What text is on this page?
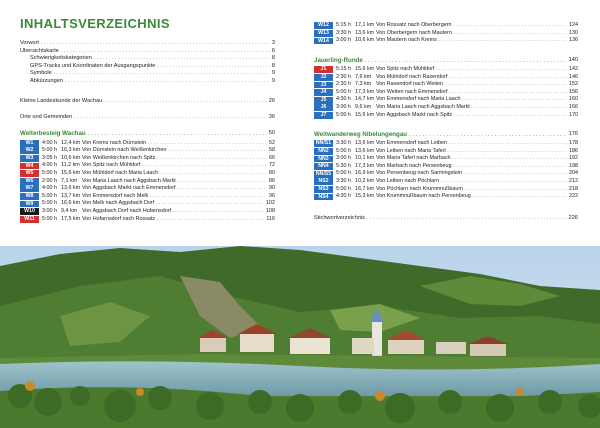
INHALTSVERZEICHNIS
Vorwort . . .	3
Übersichtskarte . . .	6
Schwierigkeitskategorien . . .	8
GPS-Tracks und Koordinaten der Ausgangspunkte . . .	8
Symbole . . .	9
Abkürzungen . . .	9
Kleine Landeskunde der Wachau . . .	26
Orte und Gemeinden . . .	36
Welterbesteig Wachau . . .	50
W1	4:00 h 12,4 km Von Krems nach Dürnstein . . .	52
W2	5:00 h 16,3 km Von Dürnstein nach Weißenkirchen . . .	58
W3	3:05 h 10,6 km Von Weißenkirchen nach Spitz . . .	66
W4	4:00 h 11,2 km Von Spitz nach Mühldorf . . .	72
W5	5:00 h 15,6 km Von Mühldorf nach Maria Laach . . .	80
W6	2:00 h 7,1 km Von Maria Laach nach Aggsbach Markt . . .	86
W7	4:00 h 13,6 km Von Aggsbach Markt nach Emmersdorf . . .	90
W8	5:00 h 13,7 km Von Emmersdorf nach Melk . . .	96
W9	5:00 h 16,6 km Von Melk nach Aggsbach Dorf . . .	102
W10	3:00 h 9,4 km Von Aggsbach Dorf nach Hofarnsdorf . . .	108
W11	5:00 h 17,5 km Von Hofarnsdorf nach Rossatz . . .	116
W12	5:15 h 17,1 km Von Rossatz nach Oberbergern . . .	124
W13	3:30 h 13,6 km Von Oberbergern nach Mautern . . .	130
W14	3:00 h 10,6 km Von Mautern nach Krems . . .	136
Jauerling-Runde . . .	140
J1	5:15 h 15,6 km Von Spitz nach Mühldorf . . .	142
J2	2:30 h 7,6 km Von Mühldorf nach Raxendorf . . .	146
J3	2:30 h 7,3 km Von Raxendorf nach Weiten . . .	152
J4	5:00 h 17,3 km Von Weiten nach Emmersdorf . . .	156
J5	4:30 h 14,7 km Von Emmersdorf nach Maria Laach . . .	160
J6	3:00 h 9,6 km Von Maria Laach nach Aggsbach Markt . . .	166
J7	5:00 h 15,6 km Von Aggsbach Markt nach Spitz . . .	170
Weitwanderweg Nibelungengau . . .	176
NN/S1 3:30 h 13,6 km Von Emmersdorf nach Leiben . . .	178
NN2	5:00 h 13,6 km Von Leiben nach Maria Taferl . . .	186
NN3	3:00 h 10,1 km Von Maria Taferl nach Marbach . . .	192
NN4	5:30 h 17,3 km Von Marbach nach Persenbeug . . .	198
NN/S5 5:00 h 16,9 km Von Persenbeug nach Sarmingstein . . .	204
NS2	3:30 h 10,2 km Von Leiben nach Pöchlarn . . .	212
NS3	5:00 h 16,7 km Von Pöchlarn nach Krummnußbaum . . .	218
NS4	4:30 h 15,3 km Von Krummnußbaum nach Persenbeug . . .	222
Stichwortverzeichnis . . .	226
